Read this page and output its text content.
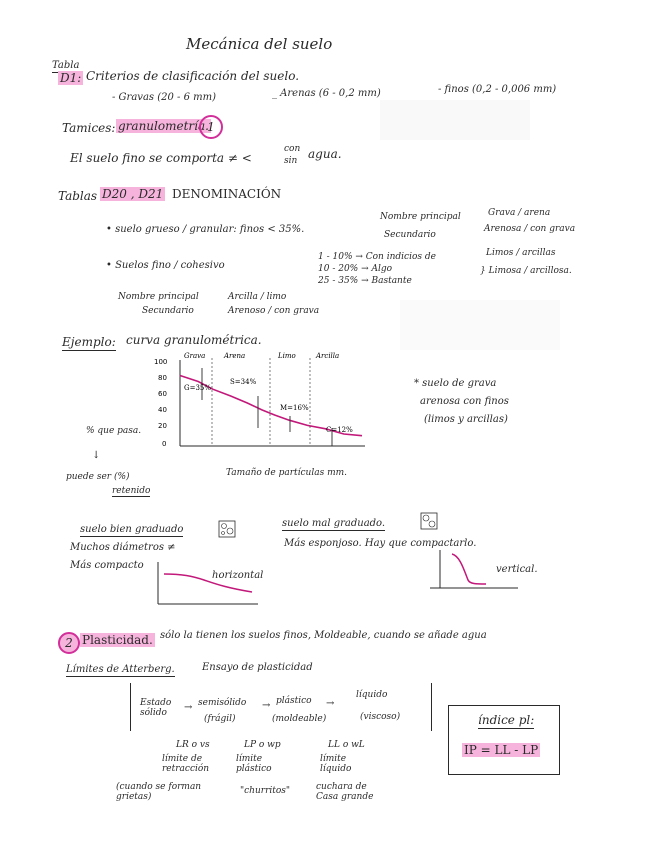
Mecánica del suelo
Tabla
D1: Criterios de clasificación del suelo.
- Gravas (20 - 6 mm)	_ Arenas (6 - 0,2 mm)	- finos (0,2 - 0,006 mm)
Tamices: granulometría.
1
El suelo fino se comporta ≠ <
con
sin agua.
Tablas D20 , D21 DENOMINACIÓN
Nombre principal
Secundario
Grava / arena
Arenosa / con grava
• suelo grueso / granular: finos < 35%.
• Suelos fino / cohesivo
1 - 10% → Con indicios de
10 - 20% → Algo
25 - 35% → Bastante
Limos / arcillas
} Limosa / arcillosa.
Nombre principal	Arcilla / limo
Secundario	Arenoso / con grava
Ejemplo: curva granulométrica.
100
80
60
40
20
0
Grava	Arena	Limo	Arcilla
G=35%
S=34%
M=16%
C=12%
Tamaño de partículas mm.
% que pasa.
↓
puede ser (%)
retenido
* suelo de grava
arenosa con finos
(limos y arcillas)
suelo bien graduado
Muchos diámetros ≠
Más compacto
horizontal
suelo mal graduado.
Más esponjoso. Hay que compactarlo.
vertical.
2 Plasticidad. sólo la tienen los suelos finos, Moldeable, cuando se añade agua
Límites de Atterberg.	Ensayo de plasticidad
Estado sólido
→ semisólido
(frágil)
→ plástico
(moldeable)
→
líquido
(viscoso)
LR o vs
límite de retracción
LP o wp
límite plástico
LL o wL
límite líquido
(cuando se forman grietas)
"churritos"	cuchara de Casa grande
índice pl:
IP = LL - LP
